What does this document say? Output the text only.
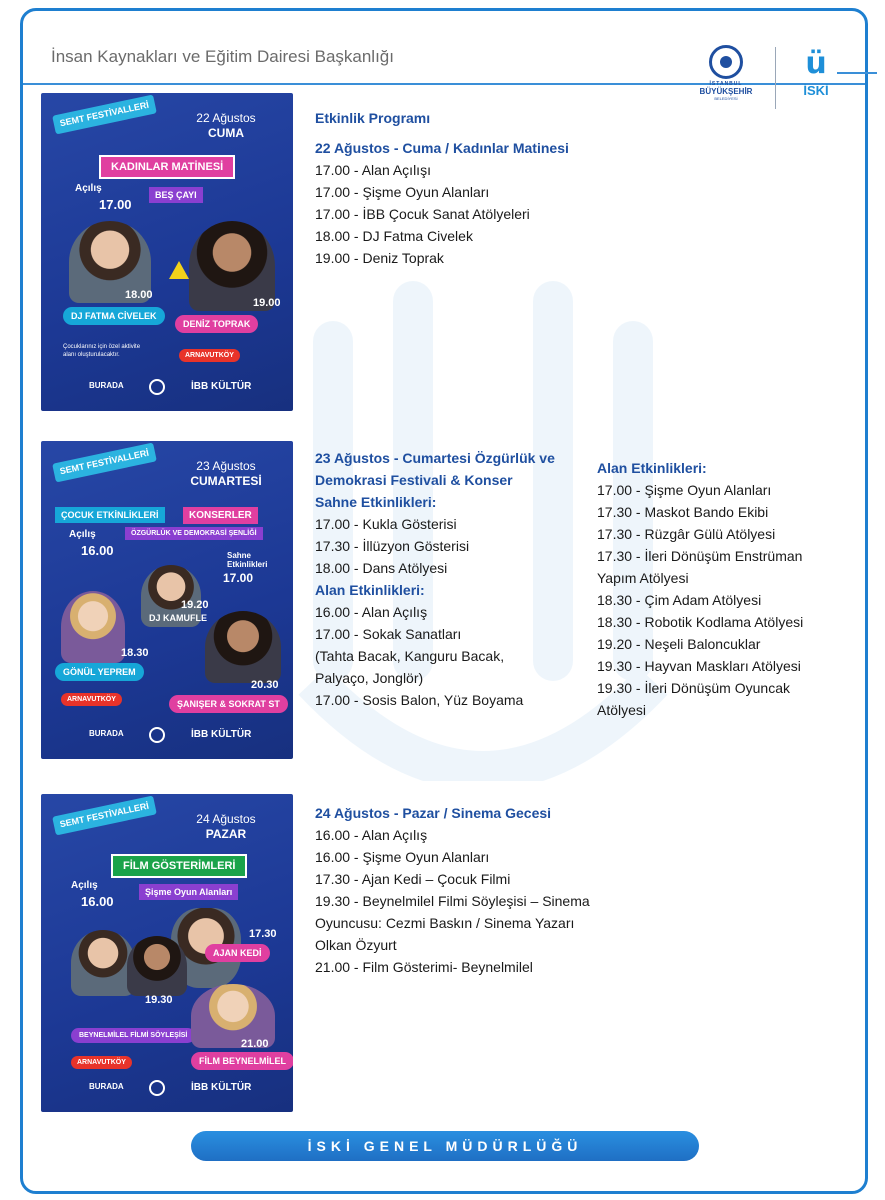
İnsan Kaynakları ve Eğitim Dairesi Başkanlığı
İSTANBUL
BÜYÜKŞEHİR
BELEDİYESİ
ü
İSKİ
SEMT FESTİVALLERİ	22 Ağustos
CUMA
KADINLAR MATİNESİ
BEŞ ÇAYI
Açılış
17.00
18.00
19.00
DJ FATMA CİVELEK
DENİZ TOPRAK
Çocuklarınız için özel aktivite alanı oluşturulacaktır.	ARNAVUTKÖY
BURADA	İBB KÜLTÜR
SEMT FESTİVALLERİ	23 Ağustos
CUMARTESİ
ÇOCUK ETKİNLİKLERİ	KONSERLER
ÖZGÜRLÜK VE DEMOKRASİ ŞENLİĞİ
Açılış
16.00	Sahne Etkinlikleri
17.00
19.20
DJ KAMUFLE
18.30
GÖNÜL YEPREM
20.30
ŞANIŞER & SOKRAT ST
ARNAVUTKÖY
BURADA	İBB KÜLTÜR
SEMT FESTİVALLERİ	24 Ağustos
PAZAR
FİLM GÖSTERİMLERİ
Açılış
16.00
Şişme Oyun Alanları
17.30
AJAN KEDİ
19.30
BEYNELMİLEL FİLMİ SÖYLEŞİSİ
21.00
FİLM BEYNELMİLEL
ARNAVUTKÖY
BURADA	İBB KÜLTÜR
Etkinlik Programı
22 Ağustos - Cuma / Kadınlar Matinesi
17.00 - Alan Açılışı
17.00 - Şişme Oyun Alanları
17.00 - İBB Çocuk Sanat Atölyeleri
18.00 - DJ Fatma Civelek
19.00 - Deniz Toprak
23 Ağustos - Cumartesi Özgürlük ve
Demokrasi Festivali & Konser
Sahne Etkinlikleri:
17.00 - Kukla Gösterisi
17.30 - İllüzyon Gösterisi
18.00 - Dans Atölyesi
Alan Etkinlikleri:
16.00 - Alan Açılış
17.00 - Sokak Sanatları
(Tahta Bacak, Kanguru Bacak,
Palyaço, Jonglör)
17.00 - Sosis Balon, Yüz Boyama
Alan Etkinlikleri:
17.00 - Şişme Oyun Alanları
17.30 - Maskot Bando Ekibi
17.30 - Rüzgâr Gülü Atölyesi
17.30 - İleri Dönüşüm Enstrüman
Yapım Atölyesi
18.30 - Çim Adam Atölyesi
18.30 - Robotik Kodlama Atölyesi
19.20 - Neşeli Baloncuklar
19.30 - Hayvan Maskları Atölyesi
19.30 - İleri Dönüşüm Oyuncak
Atölyesi
24 Ağustos - Pazar / Sinema Gecesi
16.00 - Alan Açılış
16.00 - Şişme Oyun Alanları
17.30 - Ajan Kedi – Çocuk Filmi
19.30 - Beynelmilel Filmi Söyleşisi – Sinema
Oyuncusu: Cezmi Baskın / Sinema Yazarı
Olkan Özyurt
21.00 - Film Gösterimi- Beynelmilel
İSKİ GENEL MÜDÜRLÜĞÜ
